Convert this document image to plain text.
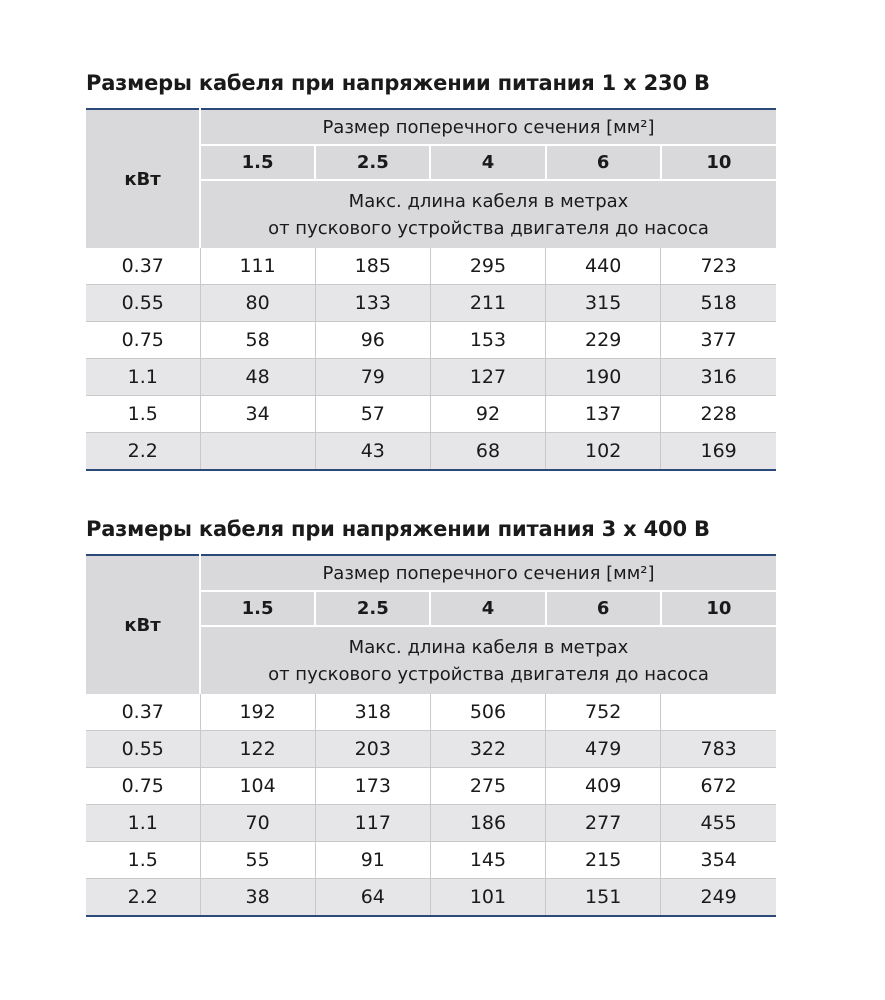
Размеры кабеля при напряжении питания 1 x 230 В
кВт	Размер поперечного сечения [мм²]				
	1.5	2.5	4	6	10

	Макс. длина кабеля в метрах
от пускового устройства двигателя до насоса				

0.37	111	185	295	440	723
0.55	80	133	211	315	518
0.75	58	96	153	229	377
1.1	48	79	127	190	316
1.5	34	57	92	137	228
2.2		43	68	102	169
Размеры кабеля при напряжении питания 3 x 400 В
кВт	Размер поперечного сечения [мм²]				
	1.5	2.5	4	6	10

	Макс. длина кабеля в метрах
от пускового устройства двигателя до насоса				

0.37	192	318	506	752	
0.55	122	203	322	479	783
0.75	104	173	275	409	672
1.1	70	117	186	277	455
1.5	55	91	145	215	354
2.2	38	64	101	151	249
